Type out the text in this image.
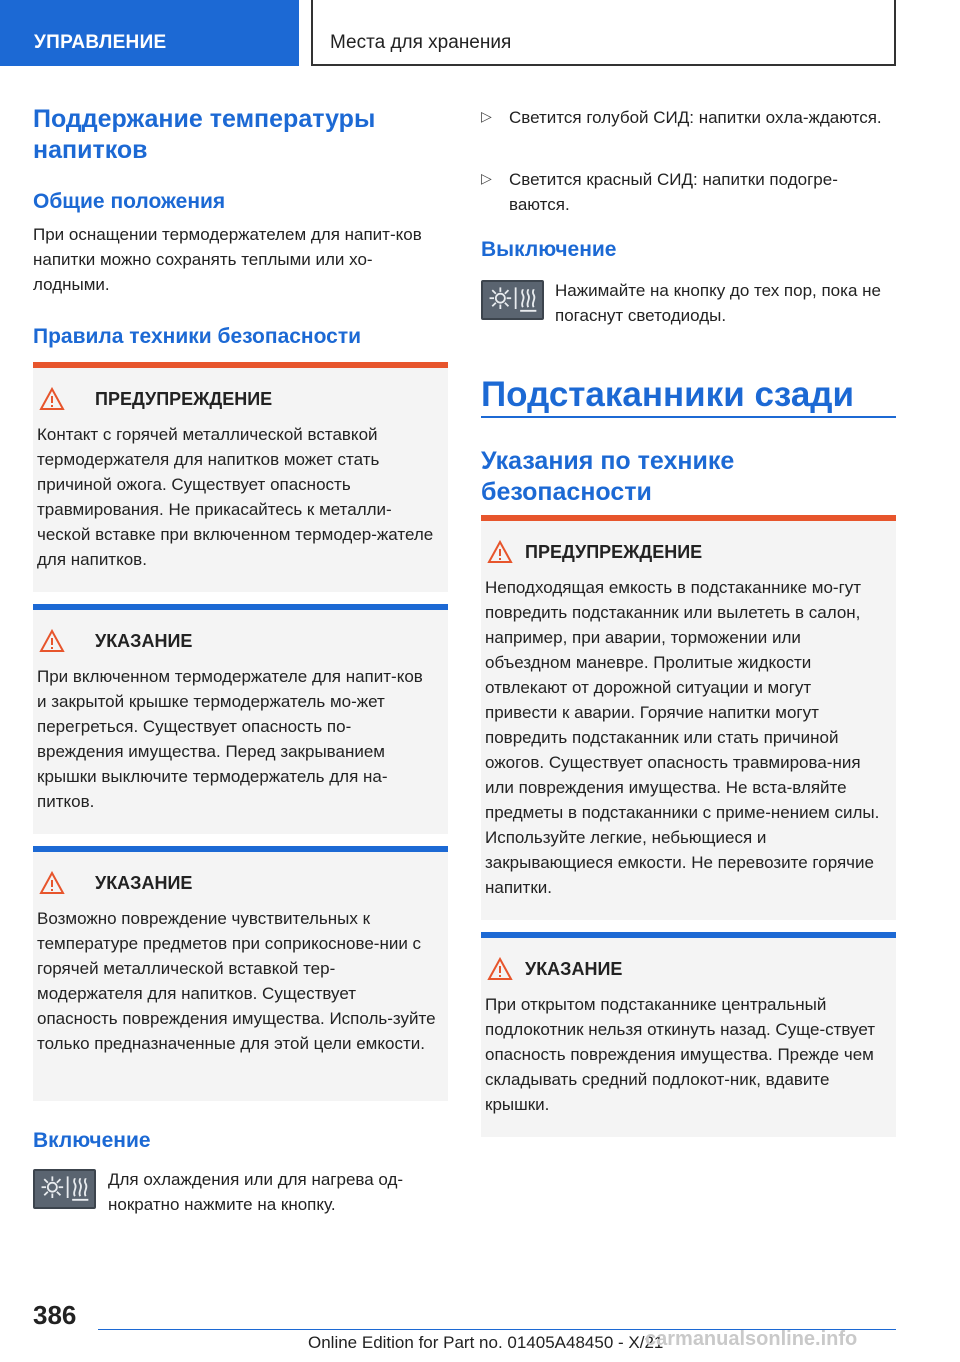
УПРАВЛЕНИЕ	Места для хранения
Поддержание температуры напитков
Общие положения
При оснащении термодержателем для напит-ков напитки можно сохранять теплыми или хо-лодными.
Правила техники безопасности
ПРЕДУПРЕЖДЕНИЕ
Контакт с горячей металлической вставкой термодержателя для напитков может стать причиной ожога. Существует опасность травмирования. Не прикасайтесь к металли-ческой вставке при включенном термодер-жателе для напитков.
УКАЗАНИЕ
При включенном термодержателе для напит-ков и закрытой крышке термодержатель мо-жет перегреться. Существует опасность по-вреждения имущества. Перед закрыванием крышки выключите термодержатель для на-питков.
УКАЗАНИЕ
Возможно повреждение чувствительных к температуре предметов при соприкоснове-нии с горячей металлической вставкой тер-модержателя для напитков. Существует опасность повреждения имущества. Исполь-зуйте только предназначенные для этой цели емкости.
Включение
Для охлаждения или для нагрева од-нократно нажмите на кнопку.
▷ Светится голубой СИД: напитки охла-ждаются.
▷ Светится красный СИД: напитки подогре-ваются.
Выключение
Нажимайте на кнопку до тех пор, пока не погаснут светодиоды.
Подстаканники сзади
Указания по технике безопасности
ПРЕДУПРЕЖДЕНИЕ
Неподходящая емкость в подстаканнике мо-гут повредить подстаканник или вылететь в салон, например, при аварии, торможении или объездном маневре. Пролитые жидкости отвлекают от дорожной ситуации и могут привести к аварии. Горячие напитки могут повредить подстаканник или стать причиной ожогов. Существует опасность травмирова-ния или повреждения имущества. Не вста-вляйте предметы в подстаканники с приме-нением силы. Используйте легкие, небьющиеся и закрывающиеся емкости. Не перевозите горячие напитки.
УКАЗАНИЕ
При открытом подстаканнике центральный подлокотник нельзя откинуть назад. Суще-ствует опасность повреждения имущества. Прежде чем складывать средний подлокот-ник, вдавите крышки.
386
Online Edition for Part no. 01405A48450 - X/21
carmanualsonline.info
